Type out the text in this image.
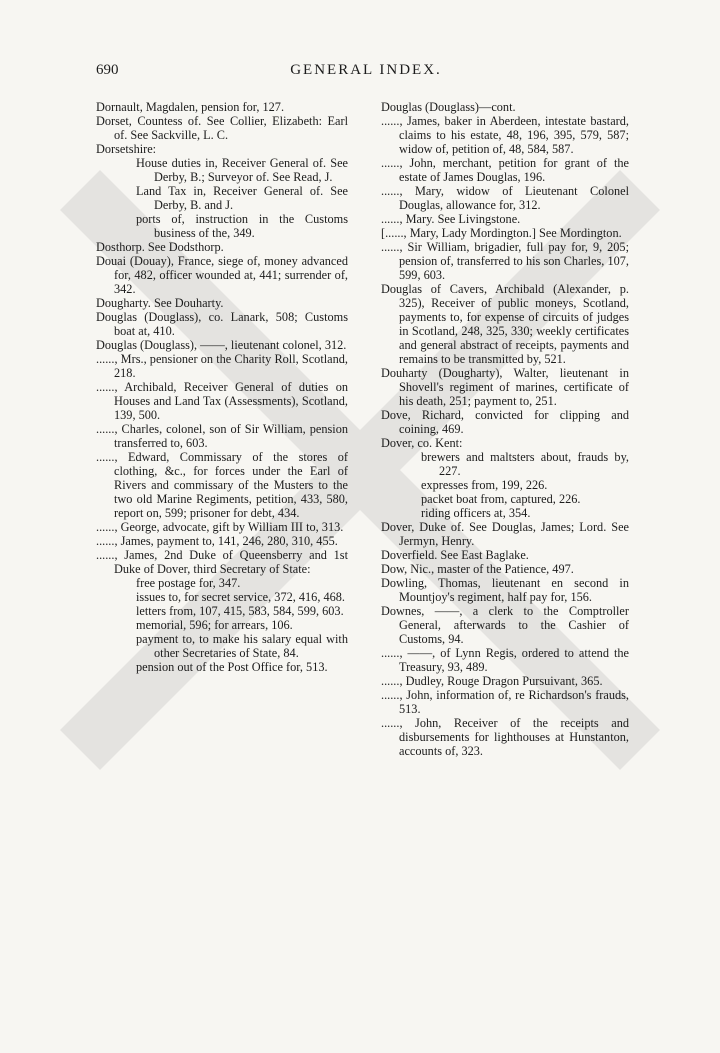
690	GENERAL INDEX.
Dornault, Magdalen, pension for, 127.
Dorset, Countess of. See Collier, Elizabeth: Earl of. See Sackville, L. C.
Dorsetshire:
House duties in, Receiver General of. See Derby, B.; Surveyor of. See Read, J.
Land Tax in, Receiver General of. See Derby, B. and J.
ports of, instruction in the Customs business of the, 349.
Dosthorp. See Dodsthorp.
Douai (Douay), France, siege of, money advanced for, 482, officer wounded at, 441; surrender of, 342.
Dougharty. See Douharty.
Douglas (Douglass), co. Lanark, 508; Customs boat at, 410.
Douglas (Douglass), ——, lieutenant colonel, 312.
......, Mrs., pensioner on the Charity Roll, Scotland, 218.
......, Archibald, Receiver General of duties on Houses and Land Tax (Assessments), Scotland, 139, 500.
......, Charles, colonel, son of Sir William, pension transferred to, 603.
......, Edward, Commissary of the stores of clothing, &c., for forces under the Earl of Rivers and commissary of the Musters to the two old Marine Regiments, petition, 433, 580, report on, 599; prisoner for debt, 434.
......, George, advocate, gift by William III to, 313.
......, James, payment to, 141, 246, 280, 310, 455.
......, James, 2nd Duke of Queensberry and 1st Duke of Dover, third Secretary of State:
free postage for, 347.
issues to, for secret service, 372, 416, 468.
letters from, 107, 415, 583, 584, 599, 603.
memorial, 596; for arrears, 106.
payment to, to make his salary equal with other Secretaries of State, 84.
pension out of the Post Office for, 513.
Douglas (Douglass)—cont.
......, James, baker in Aberdeen, intestate bastard, claims to his estate, 48, 196, 395, 579, 587; widow of, petition of, 48, 584, 587.
......, John, merchant, petition for grant of the estate of James Douglas, 196.
......, Mary, widow of Lieutenant Colonel Douglas, allowance for, 312.
......, Mary. See Livingstone.
[......, Mary, Lady Mordington.] See Mordington.
......, Sir William, brigadier, full pay for, 9, 205; pension of, transferred to his son Charles, 107, 599, 603.
Douglas of Cavers, Archibald (Alexander, p. 325), Receiver of public moneys, Scotland, payments to, for expense of circuits of judges in Scotland, 248, 325, 330; weekly certificates and general abstract of receipts, payments and remains to be transmitted by, 521.
Douharty (Dougharty), Walter, lieutenant in Shovell's regiment of marines, certificate of his death, 251; payment to, 251.
Dove, Richard, convicted for clipping and coining, 469.
Dover, co. Kent:
brewers and maltsters about, frauds by, 227.
expresses from, 199, 226.
packet boat from, captured, 226.
riding officers at, 354.
Dover, Duke of. See Douglas, James; Lord. See Jermyn, Henry.
Doverfield. See East Baglake.
Dow, Nic., master of the Patience, 497.
Dowling, Thomas, lieutenant en second in Mountjoy's regiment, half pay for, 156.
Downes, ——, a clerk to the Comptroller General, afterwards to the Cashier of Customs, 94.
......, ——, of Lynn Regis, ordered to attend the Treasury, 93, 489.
......, Dudley, Rouge Dragon Pursuivant, 365.
......, John, information of, re Richardson's frauds, 513.
......, John, Receiver of the receipts and disbursements for lighthouses at Hunstanton, accounts of, 323.
